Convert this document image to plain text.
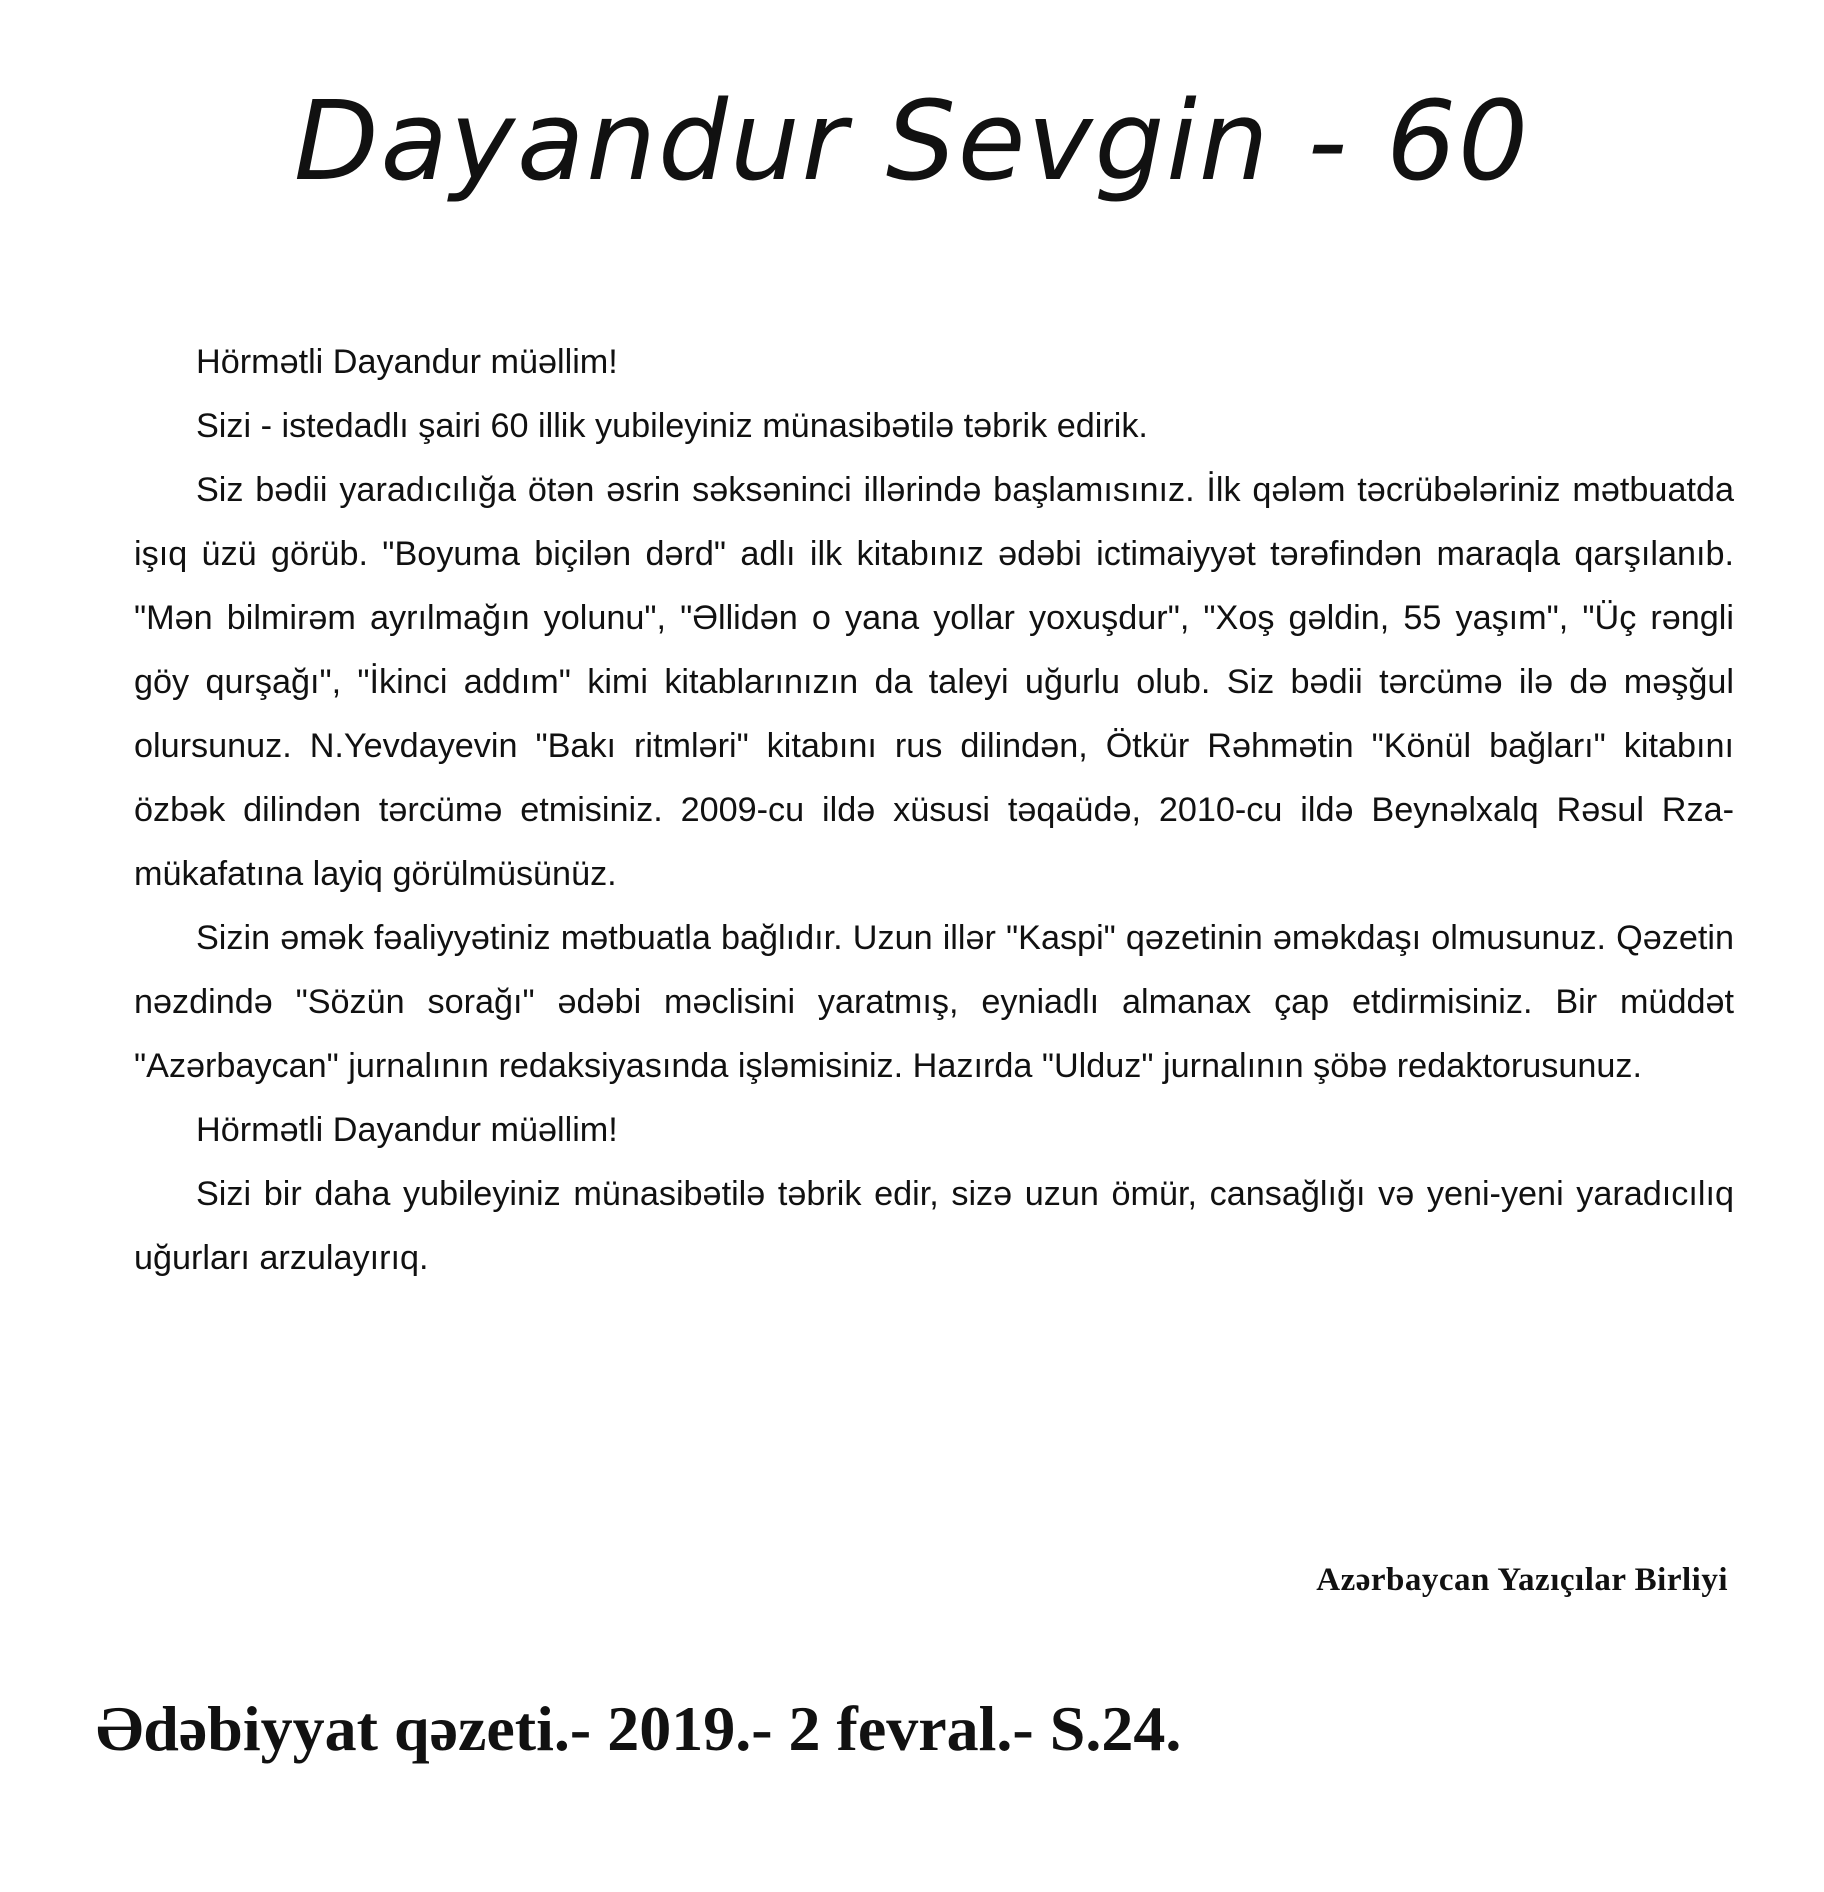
Dayandur Sevgin - 60

Hörmətli Dayandur müəllim!

Sizi - istedadlı şairi 60 illik yubileyiniz münasibətilə təbrik edirik.

Siz bədii yaradıcılığa ötən əsrin səksəninci illərində başlamısınız. İlk qələm təcrübələriniz mətbuatda işıq üzü görüb. "Boyuma biçilən dərd" adlı ilk kitabınız ədəbi ictimaiyyət tərəfindən maraqla qarşılanıb. "Mən bilmirəm ayrılmağın yolunu", "Əllidən o yana yollar yoxuşdur", "Xoş gəldin, 55 yaşım", "Üç rəngli göy qurşağı", "İkinci addım" kimi kitablarınızın da taleyi uğurlu olub. Siz bədii tərcümə ilə də məşğul olursunuz. N.Yevdayevin "Bakı ritmləri" kitabını rus dilindən, Ötkür Rəhmətin "Könül bağları" kitabını özbək dilindən tərcümə etmisiniz. 2009-cu ildə xüsusi təqaüdə, 2010-cu ildə Beynəlxalq Rəsul Rza-mükafatına layiq görülmüsünüz.

Sizin əmək fəaliyyətiniz mətbuatla bağlıdır. Uzun illər "Kaspi" qəzetinin əməkdaşı olmusunuz. Qəzetin nəzdində "Sözün sorağı" ədəbi məclisini yaratmış, eyniadlı almanax çap etdirmisiniz. Bir müddət "Azərbaycan" jurnalının redaksiyasında işləmisiniz. Hazırda "Ulduz" jurnalının şöbə redaktorusunuz.

Hörmətli Dayandur müəllim!

Sizi bir daha yubileyiniz münasibətilə təbrik edir, sizə uzun ömür, cansağlığı və yeni-yeni yaradıcılıq uğurları arzulayırıq.

Azərbaycan Yazıçılar Birliyi
Ədəbiyyat qəzeti.- 2019.- 2 fevral.- S.24.
